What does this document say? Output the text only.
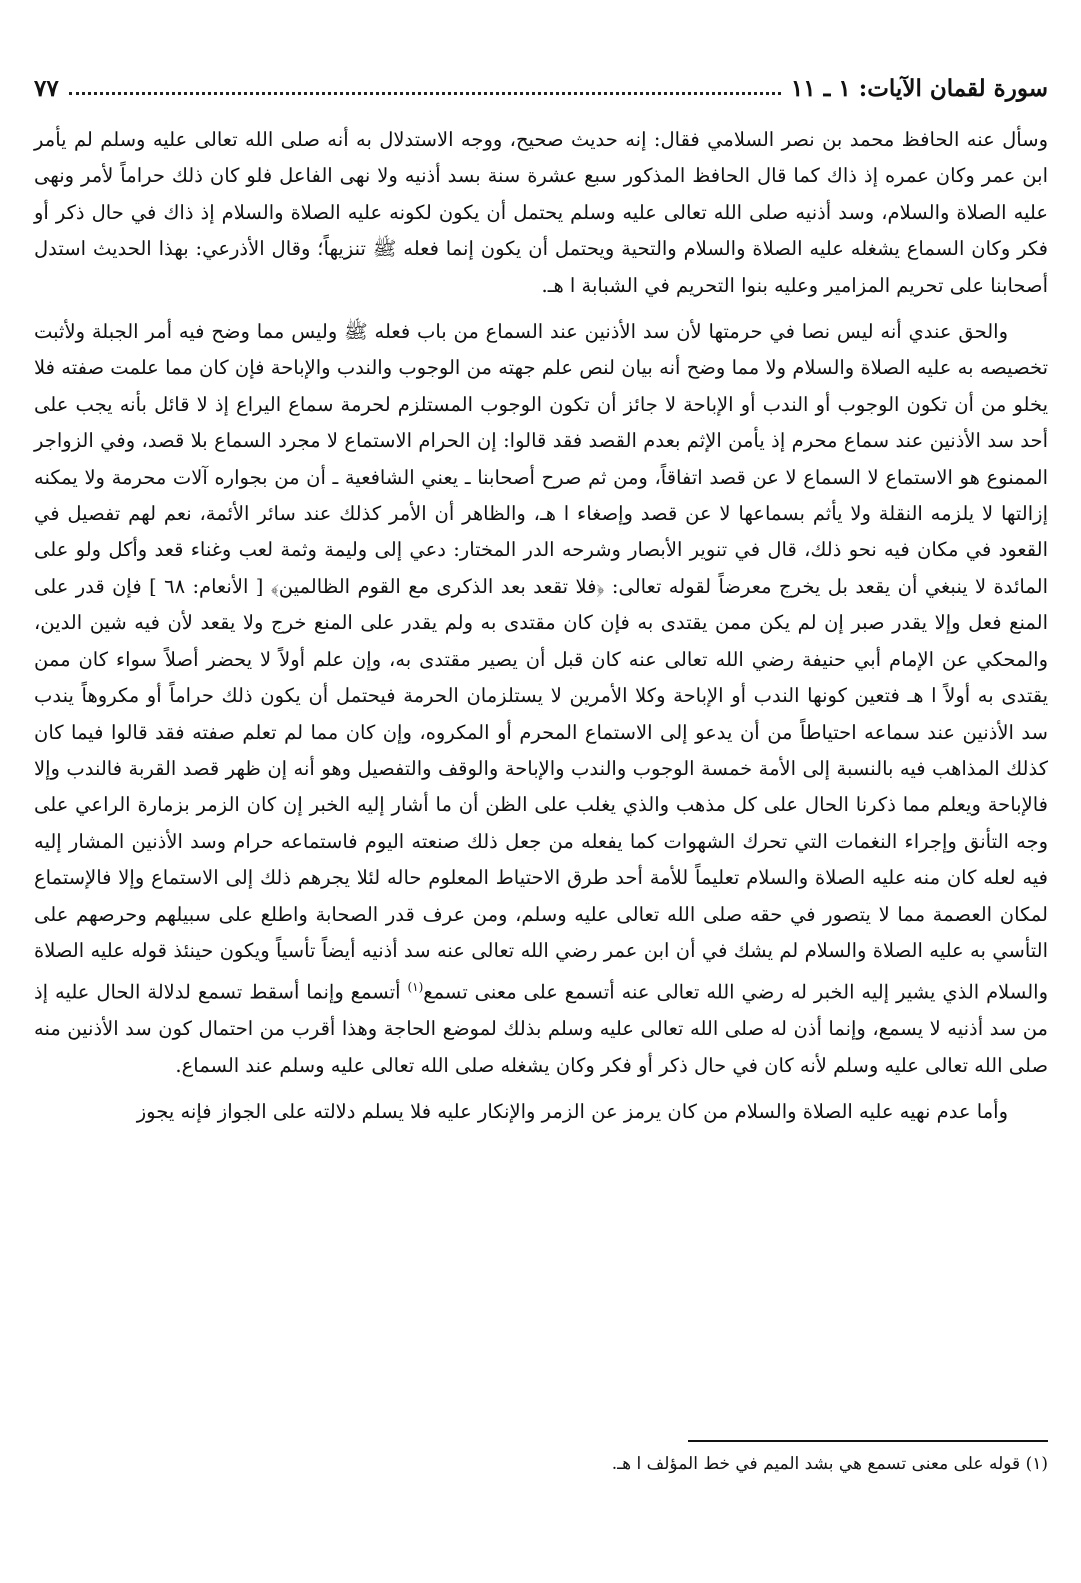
سورة لقمان الآيات: ١ ـ ١١
٧٧

وسأل عنه الحافظ محمد بن نصر السلامي فقال: إنه حديث صحيح، ووجه الاستدلال به أنه صلى الله تعالى عليه وسلم لم يأمر ابن عمر وكان عمره إذ ذاك كما قال الحافظ المذكور سبع عشرة سنة بسد أذنيه ولا نهى الفاعل فلو كان ذلك حراماً لأمر ونهى عليه الصلاة والسلام، وسد أذنيه صلى الله تعالى عليه وسلم يحتمل أن يكون لكونه عليه الصلاة والسلام إذ ذاك في حال ذكر أو فكر وكان السماع يشغله عليه الصلاة والسلام والتحية ويحتمل أن يكون إنما فعله ﷺ تنزيهاً؛ وقال الأذرعي: بهذا الحديث استدل أصحابنا على تحريم المزامير وعليه بنوا التحريم في الشبابة ا هـ.

والحق عندي أنه ليس نصا في حرمتها لأن سد الأذنين عند السماع من باب فعله ﷺ وليس مما وضح فيه أمر الجبلة ولأثبت تخصيصه به عليه الصلاة والسلام ولا مما وضح أنه بيان لنص علم جهته من الوجوب والندب والإباحة فإن كان مما علمت صفته فلا يخلو من أن تكون الوجوب أو الندب أو الإباحة لا جائز أن تكون الوجوب المستلزم لحرمة سماع اليراع إذ لا قائل بأنه يجب على أحد سد الأذنين عند سماع محرم إذ يأمن الإثم بعدم القصد فقد قالوا: إن الحرام الاستماع لا مجرد السماع بلا قصد، وفي الزواجر الممنوع هو الاستماع لا السماع لا عن قصد اتفاقاً، ومن ثم صرح أصحابنا ـ يعني الشافعية ـ أن من بجواره آلات محرمة ولا يمكنه إزالتها لا يلزمه النقلة ولا يأثم بسماعها لا عن قصد وإصغاء ا هـ، والظاهر أن الأمر كذلك عند سائر الأئمة، نعم لهم تفصيل في القعود في مكان فيه نحو ذلك، قال في تنوير الأبصار وشرحه الدر المختار: دعي إلى وليمة وثمة لعب وغناء قعد وأكل ولو على المائدة لا ينبغي أن يقعد بل يخرج معرضاً لقوله تعالى: ﴿فلا تقعد بعد الذكرى مع القوم الظالمين﴾ [ الأنعام: ٦٨ ] فإن قدر على المنع فعل وإلا يقدر صبر إن لم يكن ممن يقتدى به فإن كان مقتدى به ولم يقدر على المنع خرج ولا يقعد لأن فيه شين الدين، والمحكي عن الإمام أبي حنيفة رضي الله تعالى عنه كان قبل أن يصير مقتدى به، وإن علم أولاً لا يحضر أصلاً سواء كان ممن يقتدى به أولاً ا هـ فتعين كونها الندب أو الإباحة وكلا الأمرين لا يستلزمان الحرمة فيحتمل أن يكون ذلك حراماً أو مكروهاً يندب سد الأذنين عند سماعه احتياطاً من أن يدعو إلى الاستماع المحرم أو المكروه، وإن كان مما لم تعلم صفته فقد قالوا فيما كان كذلك المذاهب فيه بالنسبة إلى الأمة خمسة الوجوب والندب والإباحة والوقف والتفصيل وهو أنه إن ظهر قصد القربة فالندب وإلا فالإباحة ويعلم مما ذكرنا الحال على كل مذهب والذي يغلب على الظن أن ما أشار إليه الخبر إن كان الزمر بزمارة الراعي على وجه التأنق وإجراء النغمات التي تحرك الشهوات كما يفعله من جعل ذلك صنعته اليوم فاستماعه حرام وسد الأذنين المشار إليه فيه لعله كان منه عليه الصلاة والسلام تعليماً للأمة أحد طرق الاحتياط المعلوم حاله لئلا يجرهم ذلك إلى الاستماع وإلا فالإستماع لمكان العصمة مما لا يتصور في حقه صلى الله تعالى عليه وسلم، ومن عرف قدر الصحابة واطلع على سبيلهم وحرصهم على التأسي به عليه الصلاة والسلام لم يشك في أن ابن عمر رضي الله تعالى عنه سد أذنيه أيضاً تأسياً ويكون حينئذ قوله عليه الصلاة والسلام الذي يشير إليه الخبر له رضي الله تعالى عنه أتسمع على معنى تسمع$^{(١)}$ أتسمع وإنما أسقط تسمع لدلالة الحال عليه إذ من سد أذنيه لا يسمع، وإنما أذن له صلى الله تعالى عليه وسلم بذلك لموضع الحاجة وهذا أقرب من احتمال كون سد الأذنين منه صلى الله تعالى عليه وسلم لأنه كان في حال ذكر أو فكر وكان يشغله صلى الله تعالى عليه وسلم عند السماع.

وأما عدم نهيه عليه الصلاة والسلام من كان يرمز عن الزمر والإنكار عليه فلا يسلم دلالته على الجواز فإنه يجوز

(١) قوله على معنى تسمع هي بشد الميم في خط المؤلف ا هـ.
